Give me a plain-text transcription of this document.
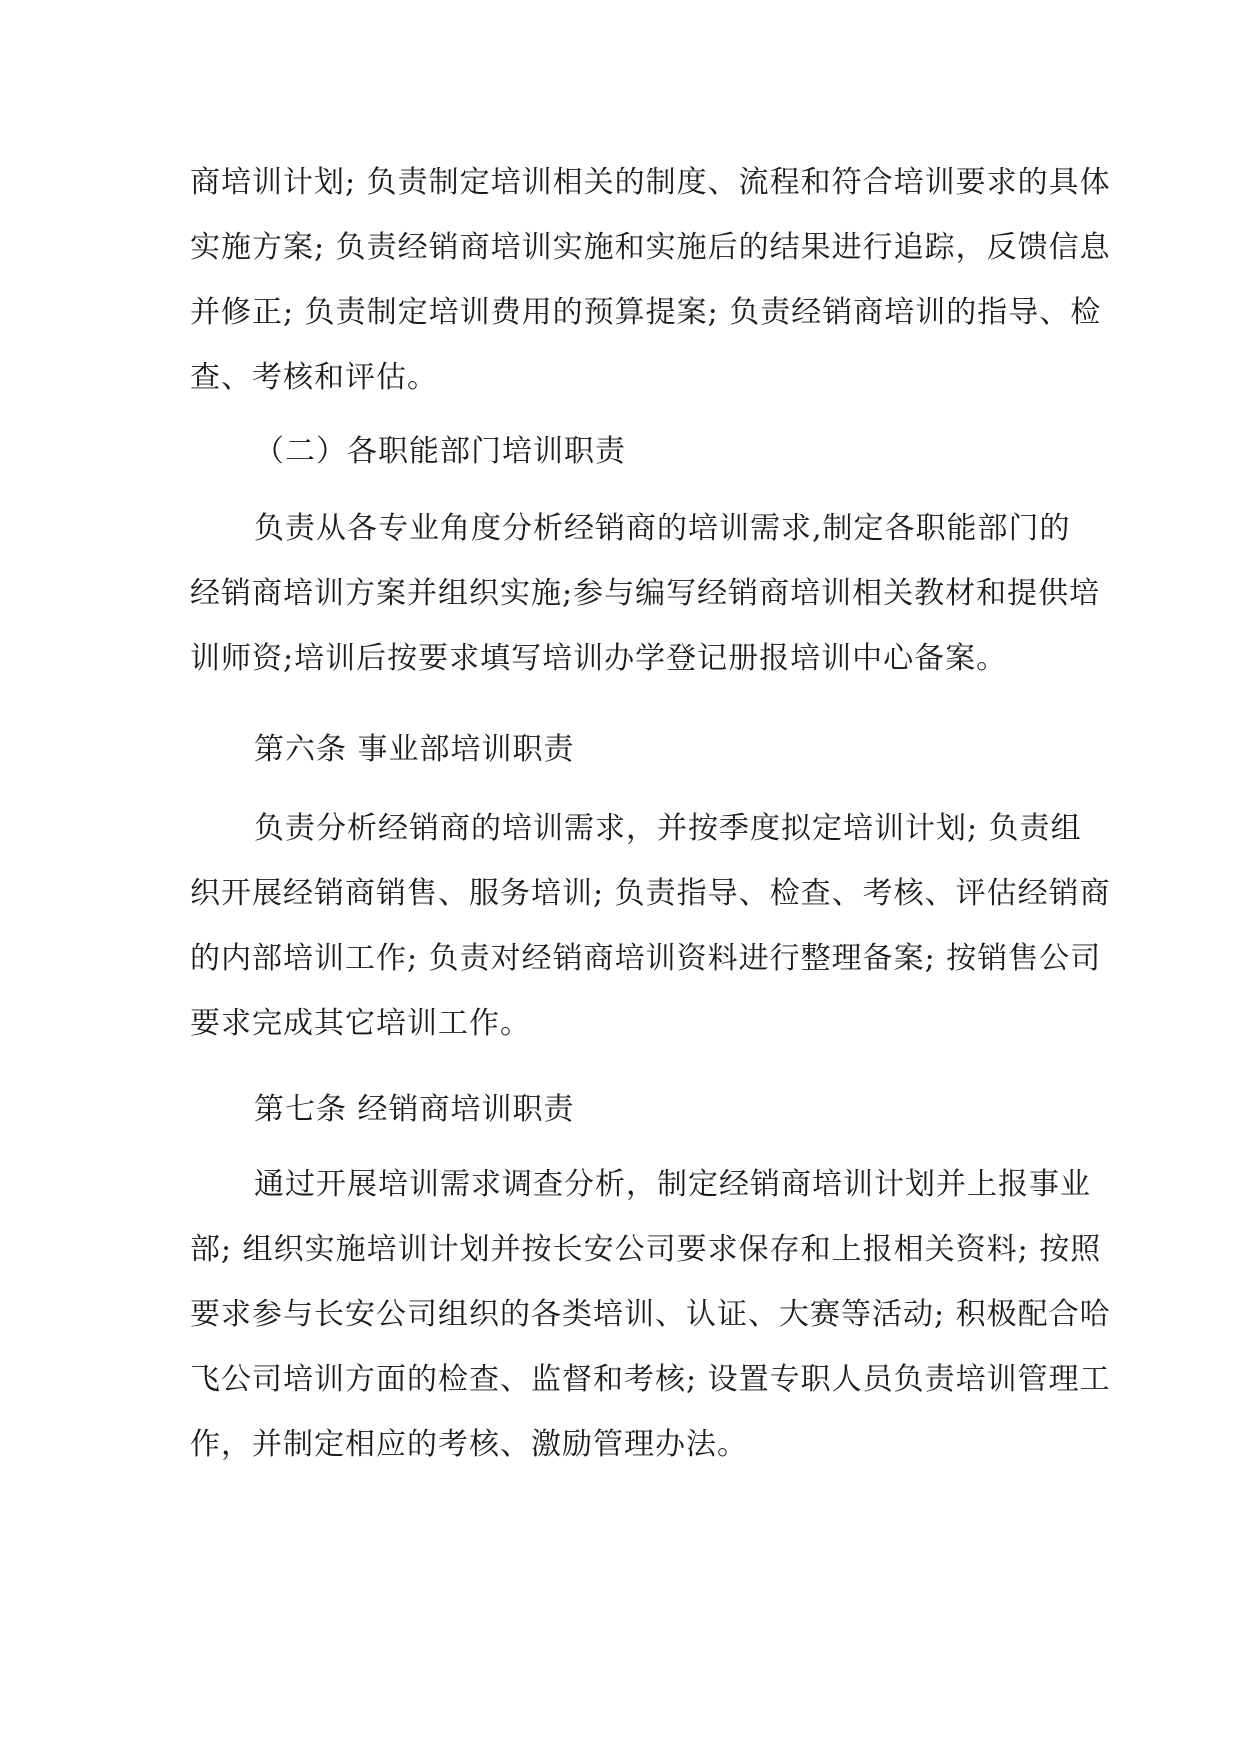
商培训计划; 负责制定培训相关的制度、流程和符合培训要求的具体
实施方案; 负责经销商培训实施和实施后的结果进行追踪，反馈信息
并修正; 负责制定培训费用的预算提案; 负责经销商培训的指导、检
查、考核和评估。
（二）各职能部门培训职责
负责从各专业角度分析经销商的培训需求,制定各职能部门的
经销商培训方案并组织实施;参与编写经销商培训相关教材和提供培
训师资;培训后按要求填写培训办学登记册报培训中心备案。
第六条 事业部培训职责
负责分析经销商的培训需求，并按季度拟定培训计划; 负责组
织开展经销商销售、服务培训; 负责指导、检查、考核、评估经销商
的内部培训工作; 负责对经销商培训资料进行整理备案; 按销售公司
要求完成其它培训工作。
第七条 经销商培训职责
通过开展培训需求调查分析，制定经销商培训计划并上报事业
部; 组织实施培训计划并按长安公司要求保存和上报相关资料; 按照
要求参与长安公司组织的各类培训、认证、大赛等活动; 积极配合哈
飞公司培训方面的检查、监督和考核; 设置专职人员负责培训管理工
作，并制定相应的考核、激励管理办法。
